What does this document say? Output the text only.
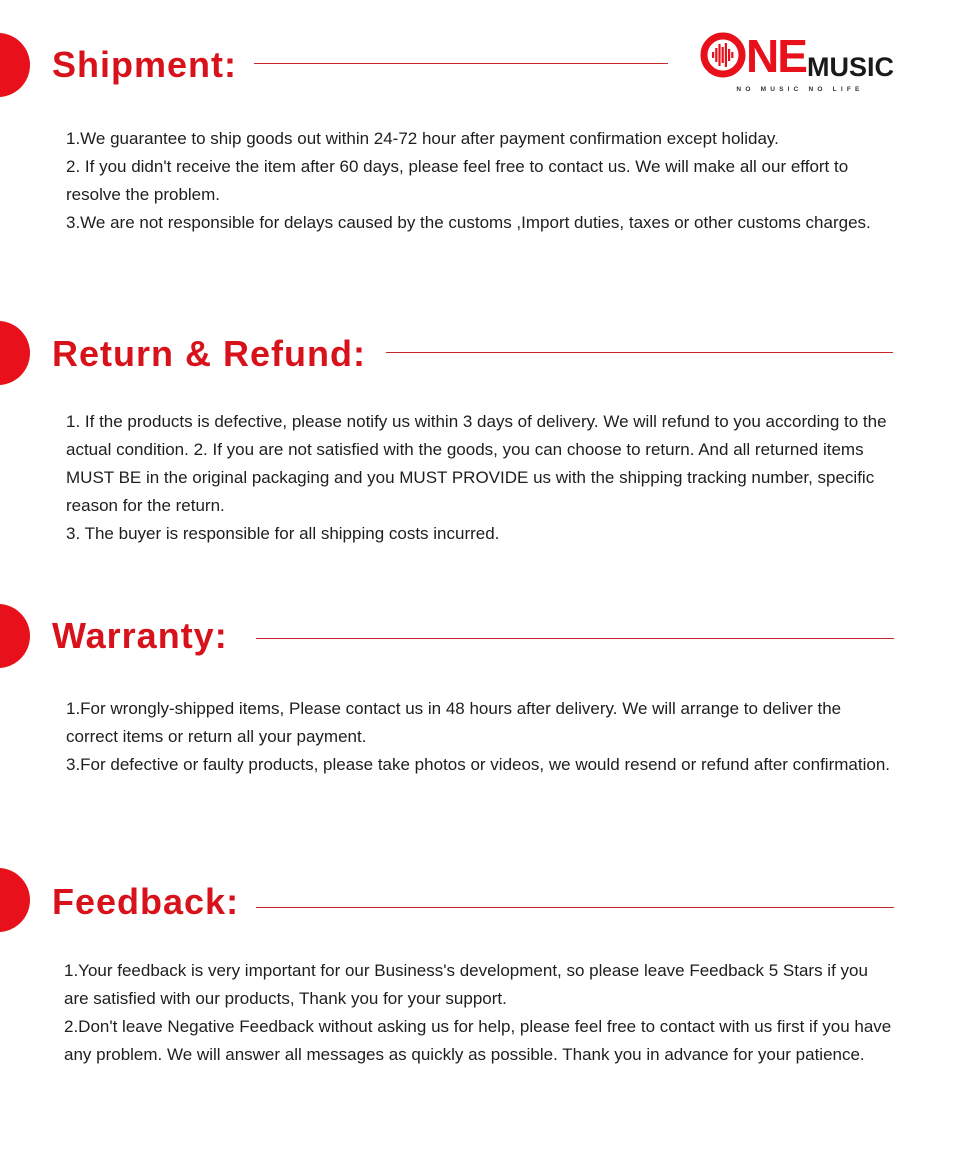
Shipment:	NE MUSIC
NO MUSIC NO LIFE

1.We guarantee to ship goods out within 24-72 hour after payment confirmation except holiday.

2. If you didn't receive the item after 60 days, please feel free to contact us. We will make all our effort to resolve the problem.

3.We are not responsible for delays caused by the customs ,Import duties, taxes or other customs charges.

Return & Refund:

1. If the products is defective, please notify us within 3 days of delivery. We will refund to you according to the actual condition. 2. If you are not satisfied with the goods, you can choose to return. And all returned items MUST BE in the original packaging and you MUST PROVIDE us with the shipping tracking number, specific reason for the return.

3. The buyer is responsible for all shipping costs incurred.

Warranty:

1.For wrongly-shipped items, Please contact us in 48 hours after delivery. We will arrange to deliver the correct items or return all your payment.

3.For defective or faulty products, please take photos or videos, we would resend or refund after confirmation.

Feedback:

1.Your feedback is very important for our Business's development, so please leave Feedback 5 Stars if you are satisfied with our products, Thank you for your support.

2.Don't leave Negative Feedback without asking us for help, please feel free to contact with us first if you have any problem. We will answer all messages as quickly as possible. Thank you in advance for your patience.
